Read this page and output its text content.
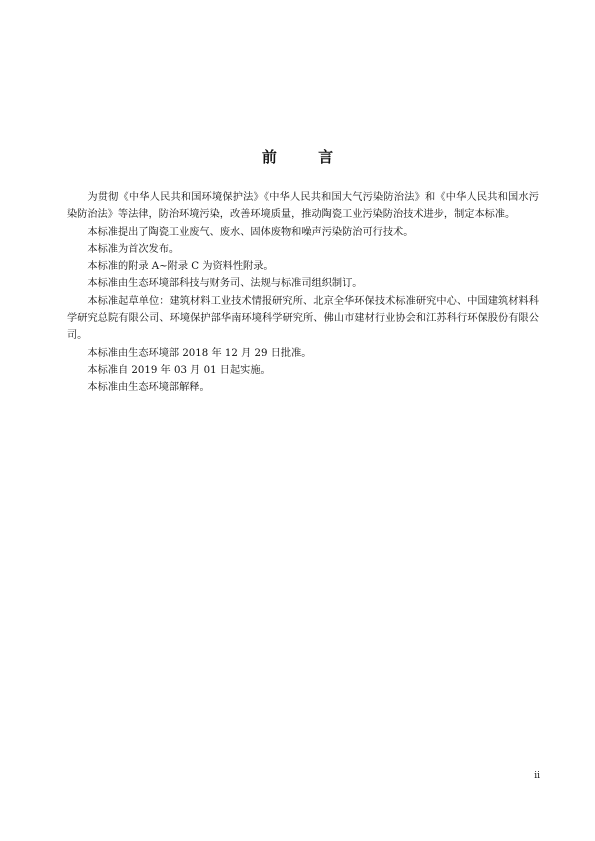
前 言

为贯彻《中华人民共和国环境保护法》《中华人民共和国大气污染防治法》和《中华人民共和国水污染防治法》等法律，防治环境污染，改善环境质量，推动陶瓷工业污染防治技术进步，制定本标准。

本标准提出了陶瓷工业废气、废水、固体废物和噪声污染防治可行技术。

本标准为首次发布。

本标准的附录 A~附录 C 为资料性附录。

本标准由生态环境部科技与财务司、法规与标准司组织制订。

本标准起草单位：建筑材料工业技术情报研究所、北京全华环保技术标准研究中心、中国建筑材料科学研究总院有限公司、环境保护部华南环境科学研究所、佛山市建材行业协会和江苏科行环保股份有限公司。

本标准由生态环境部 2018 年 12 月 29 日批准。

本标准自 2019 年 03 月 01 日起实施。

本标准由生态环境部解释。

ii
